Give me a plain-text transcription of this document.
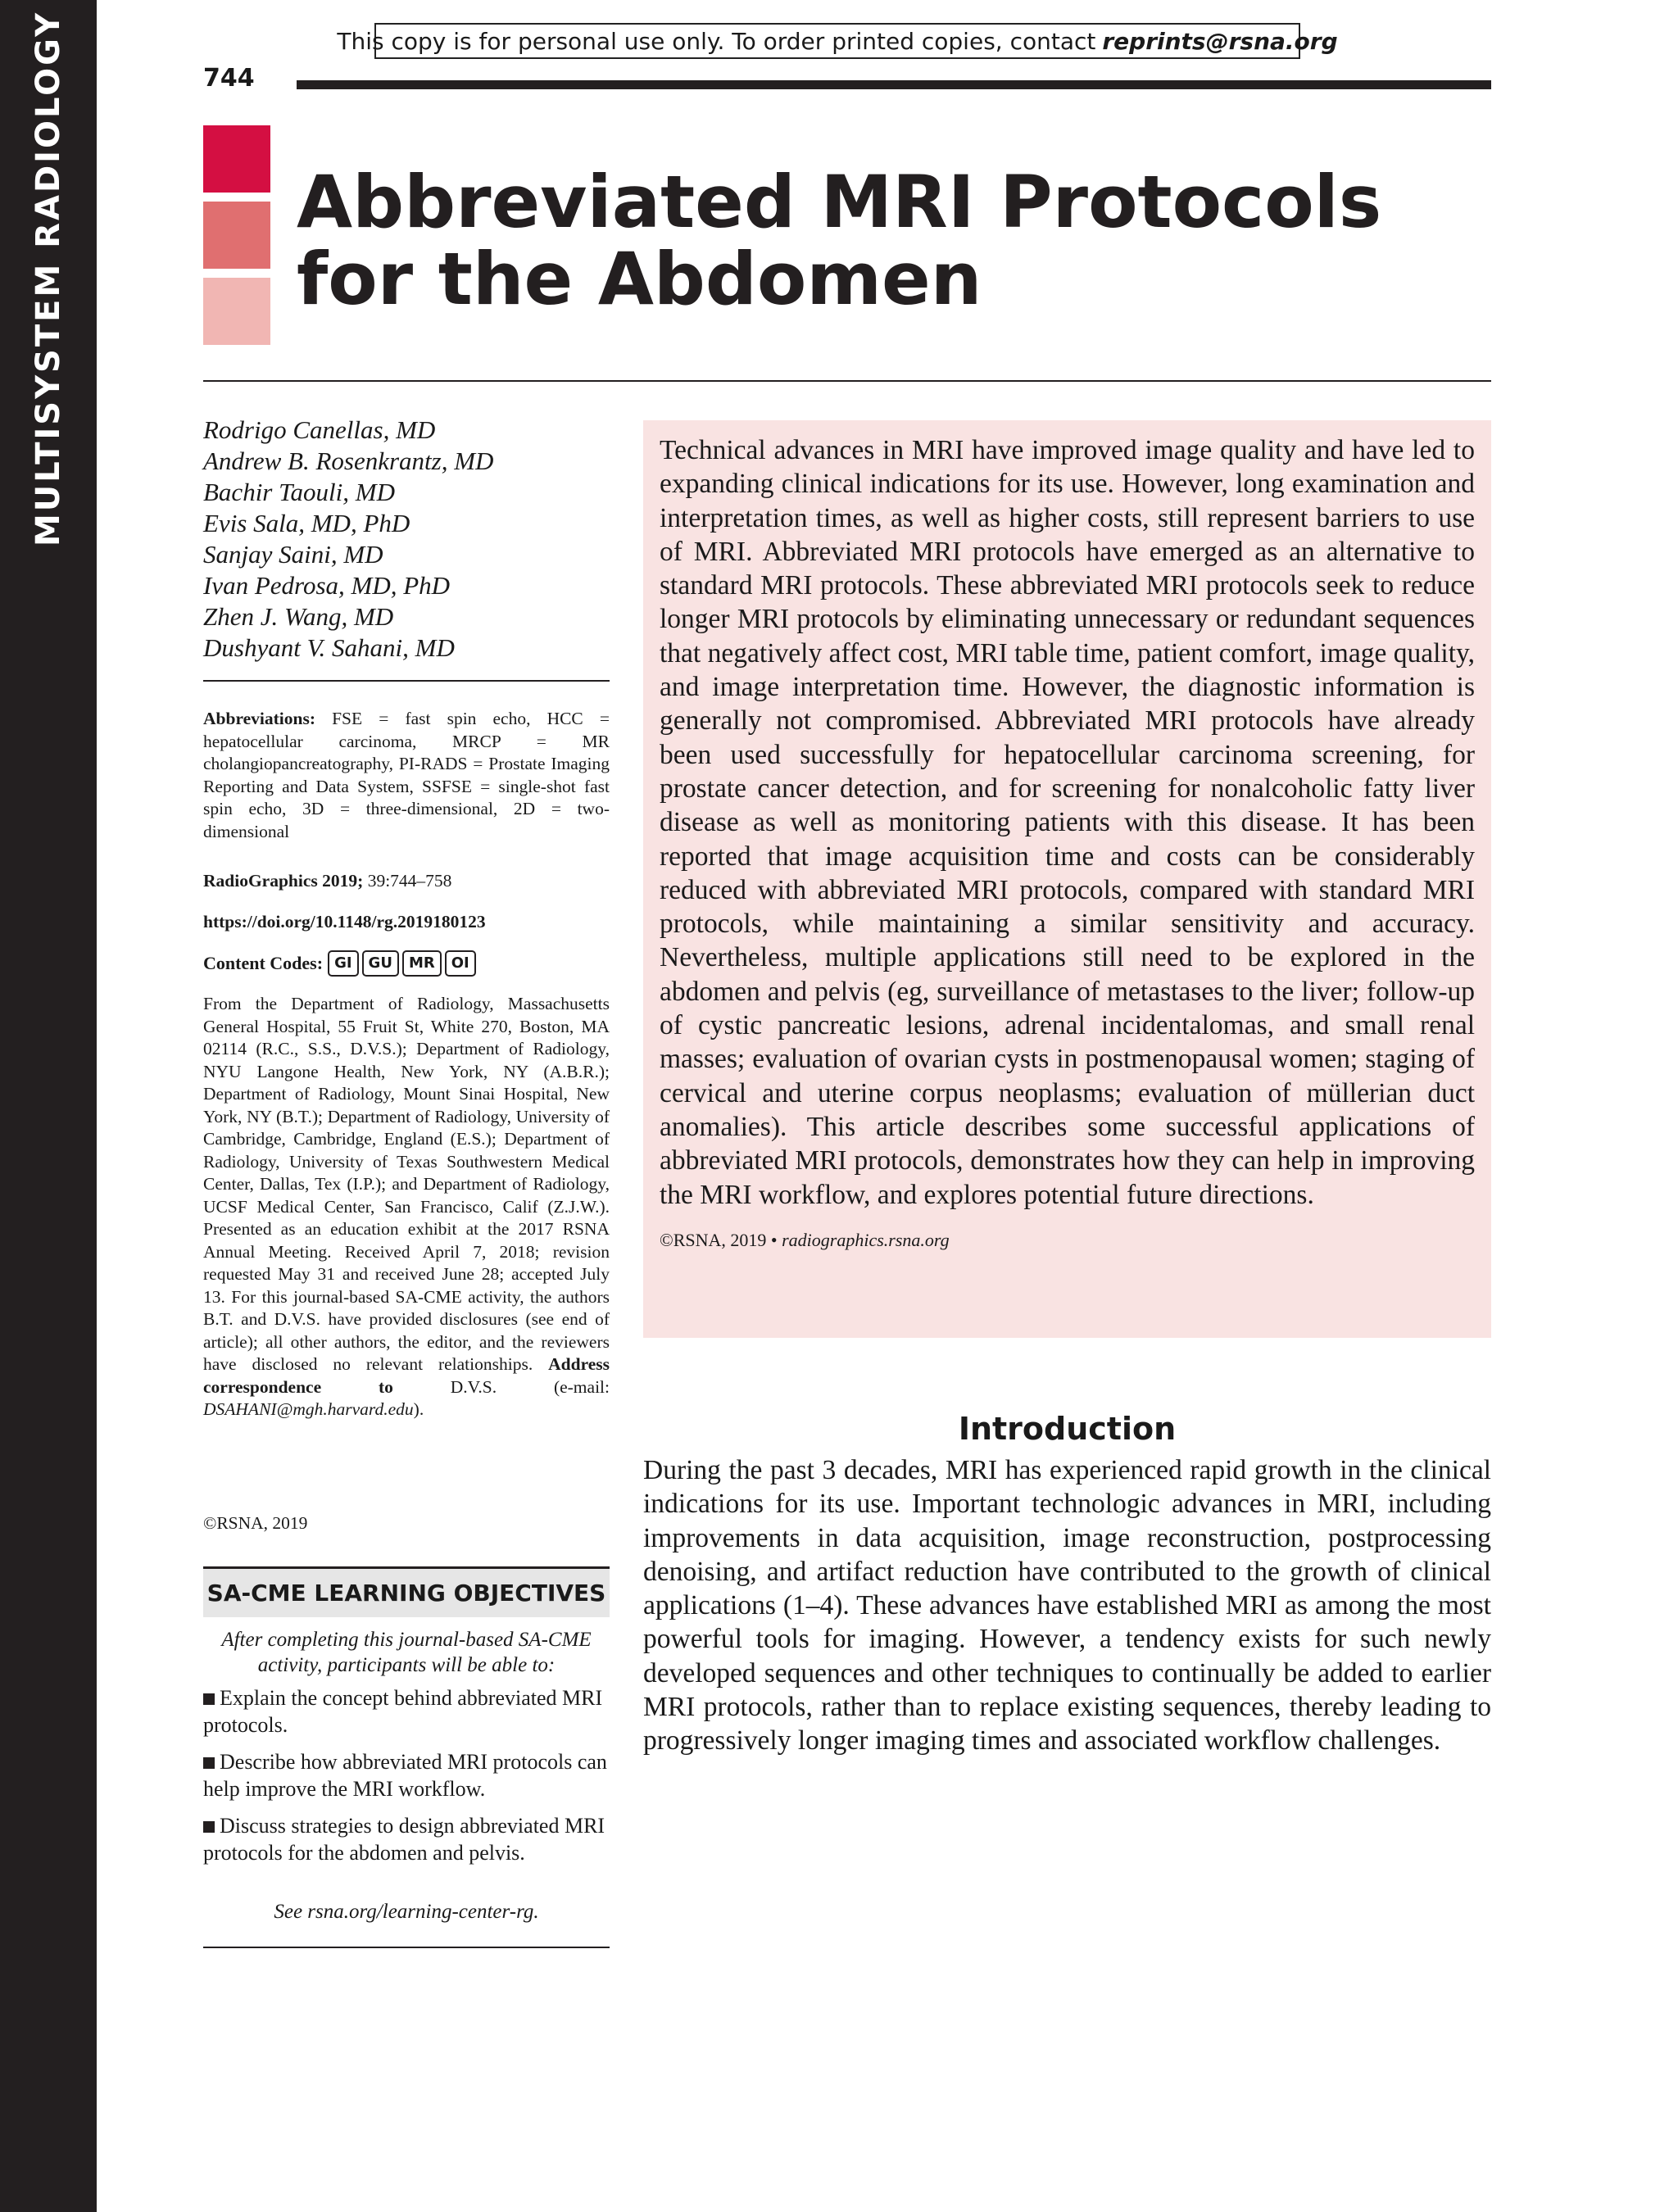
MULTISYSTEM RADIOLOGY	This copy is for personal use only. To order printed copies, contact reprints@rsna.org
744
Abbreviated MRI Protocols
for the Abdomen
Rodrigo Canellas, MD
Andrew B. Rosenkrantz, MD
Bachir Taouli, MD
Evis Sala, MD, PhD
Sanjay Saini, MD
Ivan Pedrosa, MD, PhD
Zhen J. Wang, MD
Dushyant V. Sahani, MD
Abbreviations: FSE = fast spin echo, HCC = hepatocellular carcinoma, MRCP = MR cholangiopancreatography, PI-RADS = Prostate Imaging Reporting and Data System, SSFSE = single-shot fast spin echo, 3D = three-dimensional, 2D = two-dimensional
RadioGraphics 2019; 39:744–758
https://doi.org/10.1148/rg.2019180123
Content Codes: GI	GU	MR	OI
From the Department of Radiology, Massachusetts General Hospital, 55 Fruit St, White 270, Boston, MA 02114 (R.C., S.S., D.V.S.); Department of Radiology, NYU Langone Health, New York, NY (A.B.R.); Department of Radiology, Mount Sinai Hospital, New York, NY (B.T.); Department of Radiology, University of Cambridge, Cambridge, England (E.S.); Department of Radiology, University of Texas Southwestern Medical Center, Dallas, Tex (I.P.); and Department of Radiology, UCSF Medical Center, San Francisco, Calif (Z.J.W.). Presented as an education exhibit at the 2017 RSNA Annual Meeting. Received April 7, 2018; revision requested May 31 and received June 28; accepted July 13. For this journal-based SA-CME activity, the authors B.T. and D.V.S. have provided disclosures (see end of article); all other authors, the editor, and the reviewers have disclosed no relevant relationships. Address correspondence to	D.V.S. (e-mail: DSAHANI@mgh.harvard.edu).
©RSNA, 2019
SA-CME LEARNING OBJECTIVES
After completing this journal-based SA-CME activity, participants will be able to:
Explain the concept behind abbreviated MRI protocols.
Describe how abbreviated MRI protocols can help improve the MRI workflow.
Discuss strategies to design abbreviated MRI protocols for the abdomen and pelvis.
See rsna.org/learning-center-rg.
Technical advances in MRI have improved image quality and have led to expanding clinical indications for its use. However, long examination and interpretation times, as well as higher costs, still represent barriers to use of MRI. Abbreviated MRI protocols have emerged as an alternative to standard MRI protocols. These abbreviated MRI protocols seek to reduce longer MRI protocols by eliminating unnecessary or redundant sequences that negatively affect cost, MRI table time, patient comfort, image quality, and image interpretation time. However, the diagnostic information is generally not compromised. Abbreviated MRI protocols have already been used successfully for hepatocellular carcinoma screening, for prostate cancer detection, and for screening for nonalcoholic fatty liver disease as well as monitoring patients with this disease. It has been reported that image acquisition time and costs can be considerably reduced with abbreviated MRI protocols, compared with standard MRI protocols, while maintaining a similar sensitivity and accuracy. Nevertheless, multiple applications still need to be explored in the abdomen and pelvis (eg, surveillance of metastases to the liver; follow-up of cystic pancreatic lesions, adrenal incidentalomas, and small renal masses; evaluation of ovarian cysts in postmenopausal women; staging of cervical and uterine corpus neoplasms; evaluation of müllerian duct anomalies). This article describes some successful applications of abbreviated MRI protocols, demonstrates how they can help in improving the MRI workflow, and explores potential future directions.
©RSNA, 2019 • radiographics.rsna.org
Introduction
During the past 3 decades, MRI has experienced rapid growth in the clinical indications for its use. Important technologic advances in MRI, including improvements in data acquisition, image reconstruction, postprocessing denoising, and artifact reduction have contributed to the growth of clinical applications (1–4). These advances have established MRI as among the most powerful tools for imaging. However, a tendency exists for such newly developed sequences and other techniques to continually be added to earlier MRI protocols, rather than to replace existing sequences, thereby leading to progressively longer imaging times and associated workflow challenges.
